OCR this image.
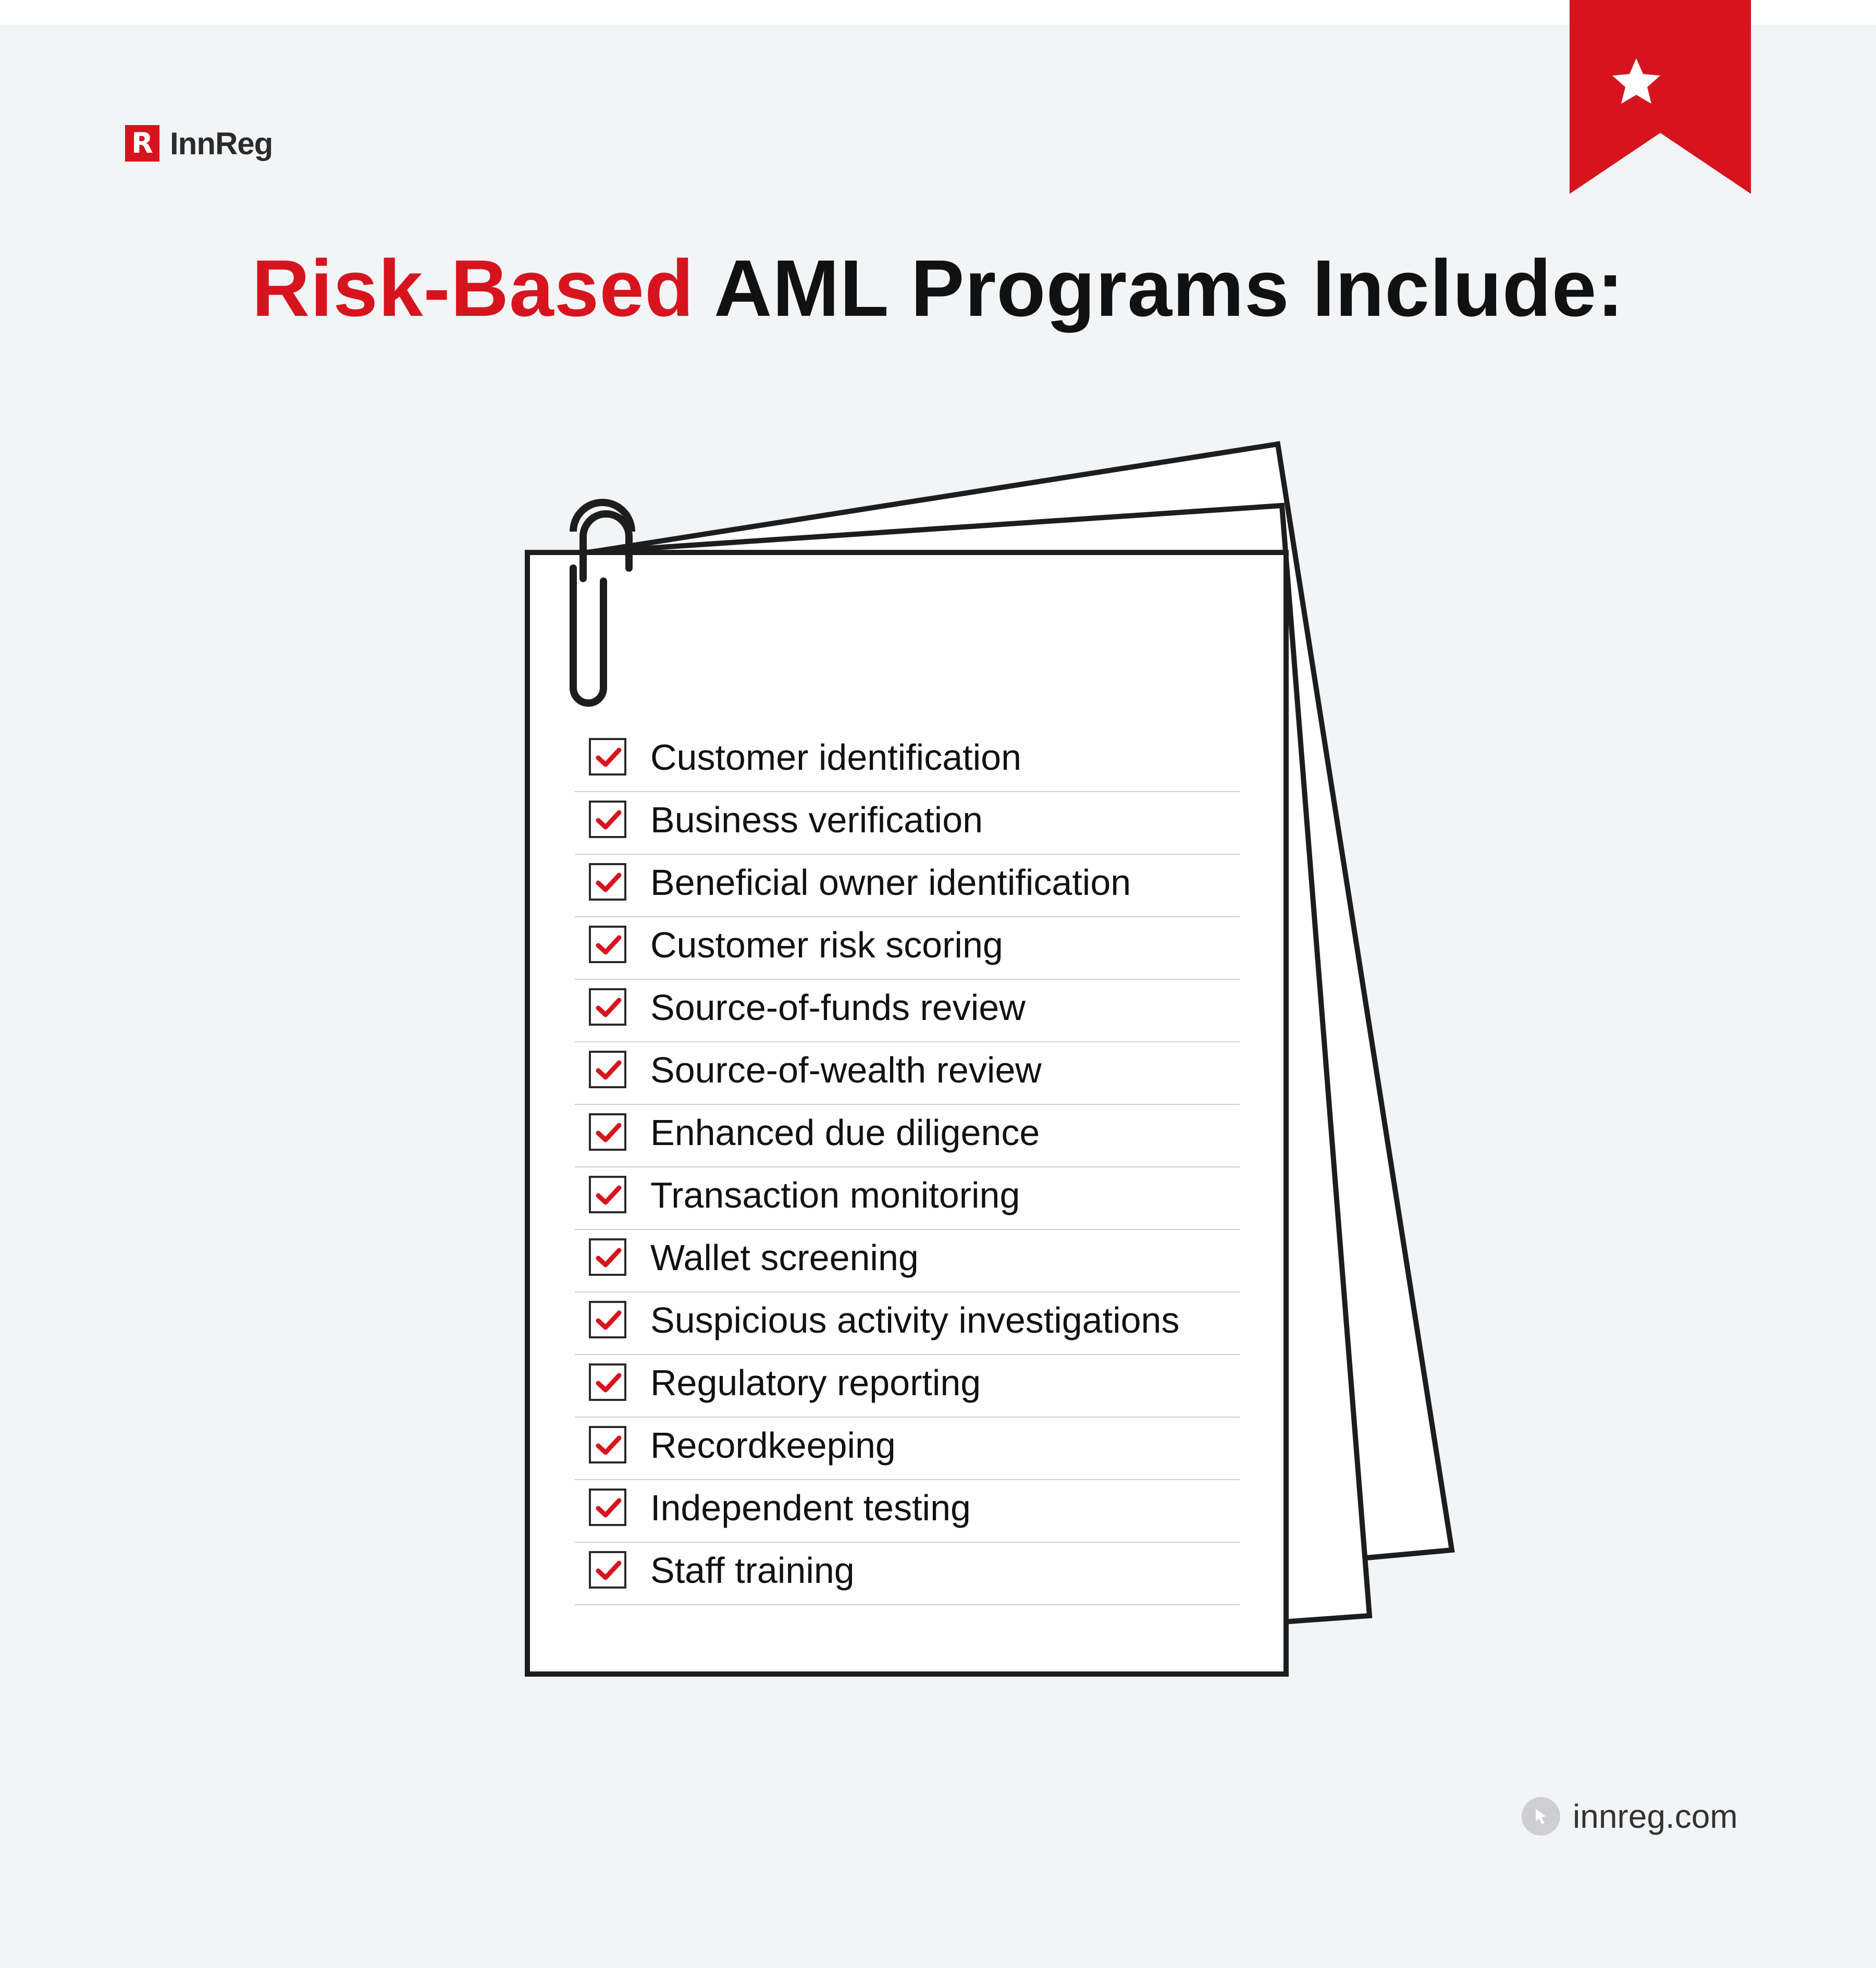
R InnReg
Risk-Based AML Programs Include:
Customer identification
Business verification
Beneficial owner identification
Customer risk scoring
Source-of-funds review
Source-of-wealth review
Enhanced due diligence
Transaction monitoring
Wallet screening
Suspicious activity investigations
Regulatory reporting
Recordkeeping
Independent testing
Staff training
innreg.com
